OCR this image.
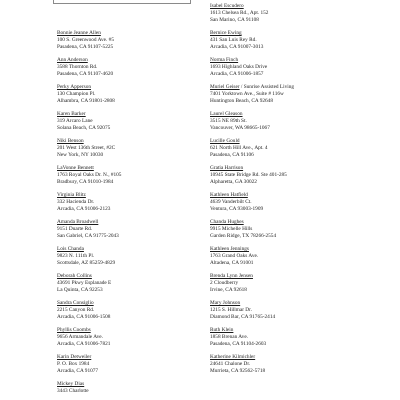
Bonnie Jeanne Allen
100 S. Greenwood Ave. #5
Pasadena, CA 91107-5225
Ann Anderson
3588 Thornton Rd.
Pasadena, CA 91107-4620
Perky Apperson
130 Champion Pl.
Alhambra, CA 91801-2808
Karen Barker
319 Arcaro Lane
Solana Beach, CA 92075
Niki Benson
201 West 136th Street, #2C
New York, NY 10030
LaVonne Bennett
1763 Royal Oaks Dr. N., #105
Bradbury, CA 91010-1984
Virginia Blitz
332 Hacienda Dr.
Arcadia, CA 91006-2123
Amanda Broadwell
9151 Duarte Rd.
San Gabriel, CA 91775-2043
Lois Chanda
9823 N. 111th Pl.
Scottsdale, AZ 85259-4829
Deborah Collins
43691 Pkwy Esplanade E
La Quinta, CA 92253
Sandra Consiglio
2215 Canyon Rd.
Arcadia, CA 91006-1508
Phyllis Coombs
9656 Armandale Ave.
Arcadia, CA 91006-7821
Karin Detweiler
P. O. Box 1984
Arcadia, CA 91077
Mickey Dias
3443 Charlotte
Isabel Escudero
1613 Chelsea Rd., Apt. 152
San Marino, CA 91108
Bernice Ewing
431 San Luis Rey Rd.
Arcadia, CA 91007-3013
Norma Finch
1693 Highland Oaks Drive
Arcadia, CA 91006-1857
Muriel Geiser / Sunrise Assisted Living
7401 Yorktown Ave., Suite # 116w
Huntington Beach, CA 92648
Laurel Gleason
3515 NE 89th St.
Vancouver, WA 98665-1067
Lucille Gould
621 North Hill Ave., Apt. 4
Pasadena, CA 91106
Gratia Harrison
10945 State Bridge Rd. Ste 401-285
Alpharetta, GA 30022
Kathleen Hatfield
4639 Vanderbilt Ct.
Ventura, CA 93003-1909
Chanda Hughes
9915 Michelle Hills
Garden Ridge, TX 78266-2554
Kathleen Jennings
1763 Grand Oaks Ave.
Altadena, CA 91001
Brenda Lynn Jensen
2 Cloudberry
Irvine, CA 92618
Mary Johnson
1215 S. Hillmar Dr.
Diamond Bar, CA 91765-2414
Ruth Klein
1858 Brenan Ave.
Pasadena, CA 91104-2603
Katherine Kilmichler
24641 Chalone Dr.
Murrieta, CA 92562-5718
